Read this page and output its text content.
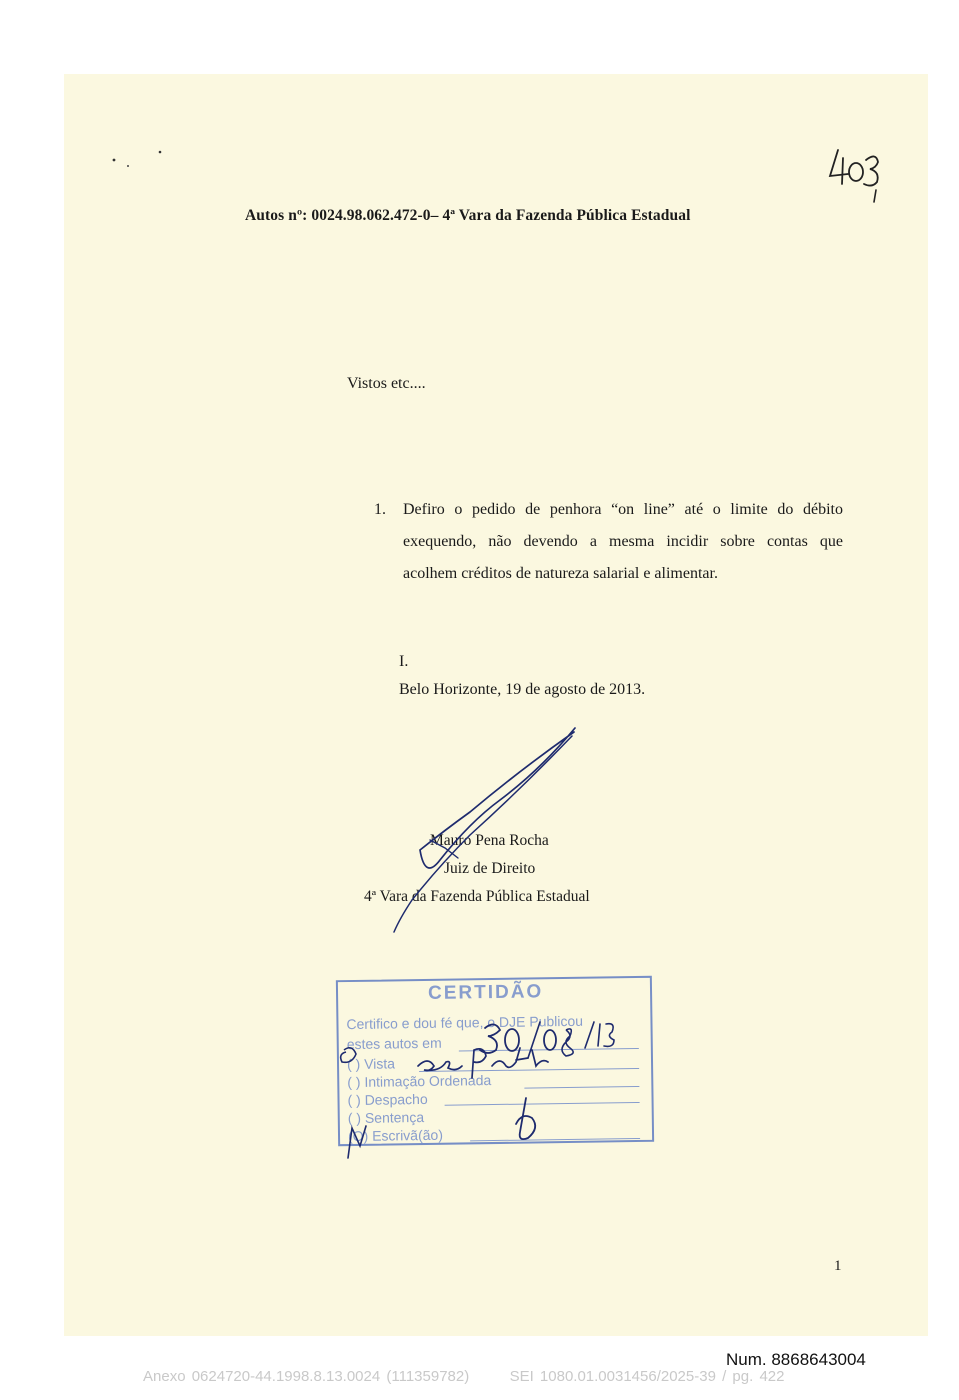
Autos nº: 0024.98.062.472-0– 4ª Vara da Fazenda Pública Estadual
Vistos etc....
1. Defiro o pedido de penhora “on line” até o limite do débito
exequendo, não devendo a mesma incidir sobre contas que
acolhem créditos de natureza salarial e alimentar.
I.
Belo Horizonte, 19 de agosto de 2013.
Mauro Pena Rocha
Juiz de Direito
4ª Vara da Fazenda Pública Estadual
CERTIDÃO
Certifico e dou fé que, o DJE Publicou
estes autos em
( ) Vista
( ) Intimação Ordenada
( ) Despacho
( ) Sentença
(O) Escrivã(ão)
1
Num. 8868643004
Anexo 0624720-44.1998.8.13.0024 (111359782)	SEI 1080.01.0031456/2025-39 / pg. 422
